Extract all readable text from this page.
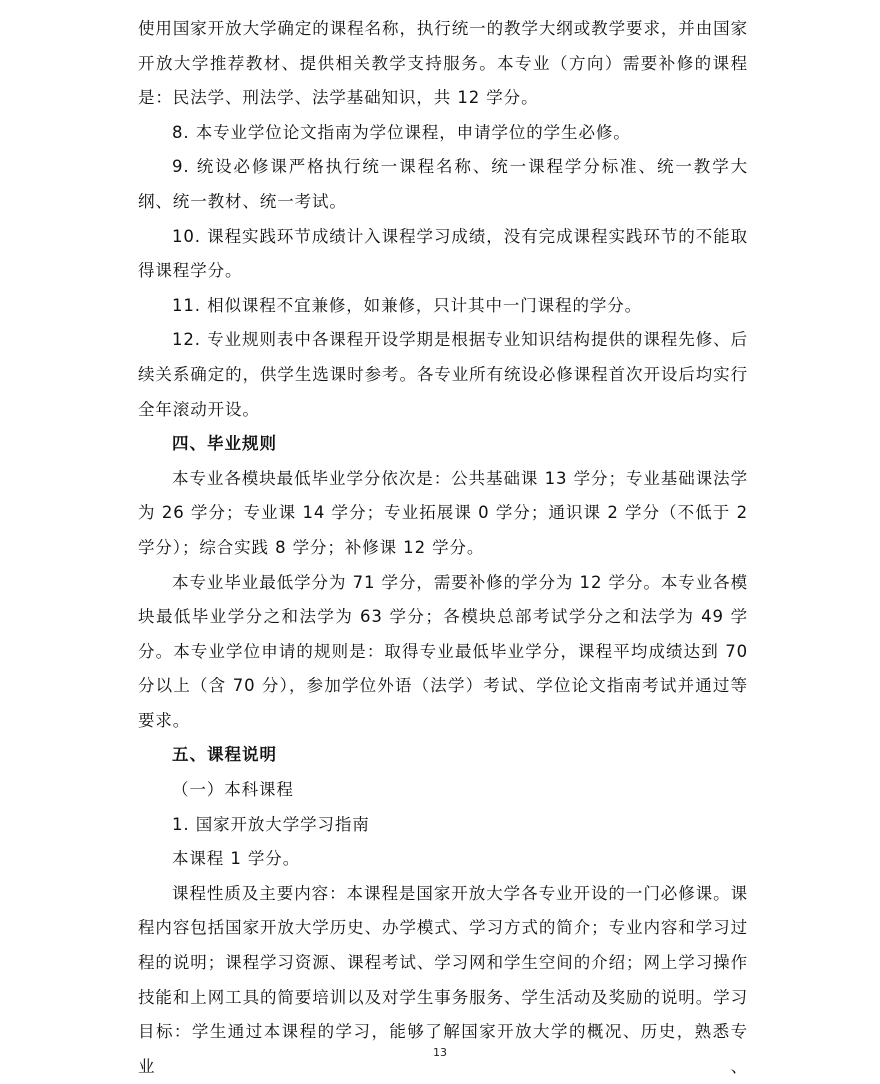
使用国家开放大学确定的课程名称，执行统一的教学大纲或教学要求，并由国家开放大学推荐教材、提供相关教学支持服务。本专业（方向）需要补修的课程是：民法学、刑法学、法学基础知识，共 12 学分。

8. 本专业学位论文指南为学位课程，申请学位的学生必修。

9. 统设必修课严格执行统一课程名称、统一课程学分标准、统一教学大纲、统一教材、统一考试。

10. 课程实践环节成绩计入课程学习成绩，没有完成课程实践环节的不能取得课程学分。

11. 相似课程不宜兼修，如兼修，只计其中一门课程的学分。

12. 专业规则表中各课程开设学期是根据专业知识结构提供的课程先修、后续关系确定的，供学生选课时参考。各专业所有统设必修课程首次开设后均实行全年滚动开设。

四、毕业规则

本专业各模块最低毕业学分依次是：公共基础课 13 学分；专业基础课法学为 26 学分；专业课 14 学分；专业拓展课 0 学分；通识课 2 学分（不低于 2 学分）；综合实践 8 学分；补修课 12 学分。

本专业毕业最低学分为 71 学分，需要补修的学分为 12 学分。本专业各模块最低毕业学分之和法学为 63 学分；各模块总部考试学分之和法学为 49 学分。本专业学位申请的规则是：取得专业最低毕业学分，课程平均成绩达到 70 分以上（含 70 分），参加学位外语（法学）考试、学位论文指南考试并通过等要求。

五、课程说明

（一）本科课程

1. 国家开放大学学习指南

本课程 1 学分。

课程性质及主要内容：本课程是国家开放大学各专业开设的一门必修课。课程内容包括国家开放大学历史、办学模式、学习方式的简介；专业内容和学习过程的说明；课程学习资源、课程考试、学习网和学生空间的介绍；网上学习操作技能和上网工具的简要培训以及对学生事务服务、学生活动及奖励的说明。学习目标：学生通过本课程的学习，能够了解国家开放大学的概况、历史，熟悉专业、

13
